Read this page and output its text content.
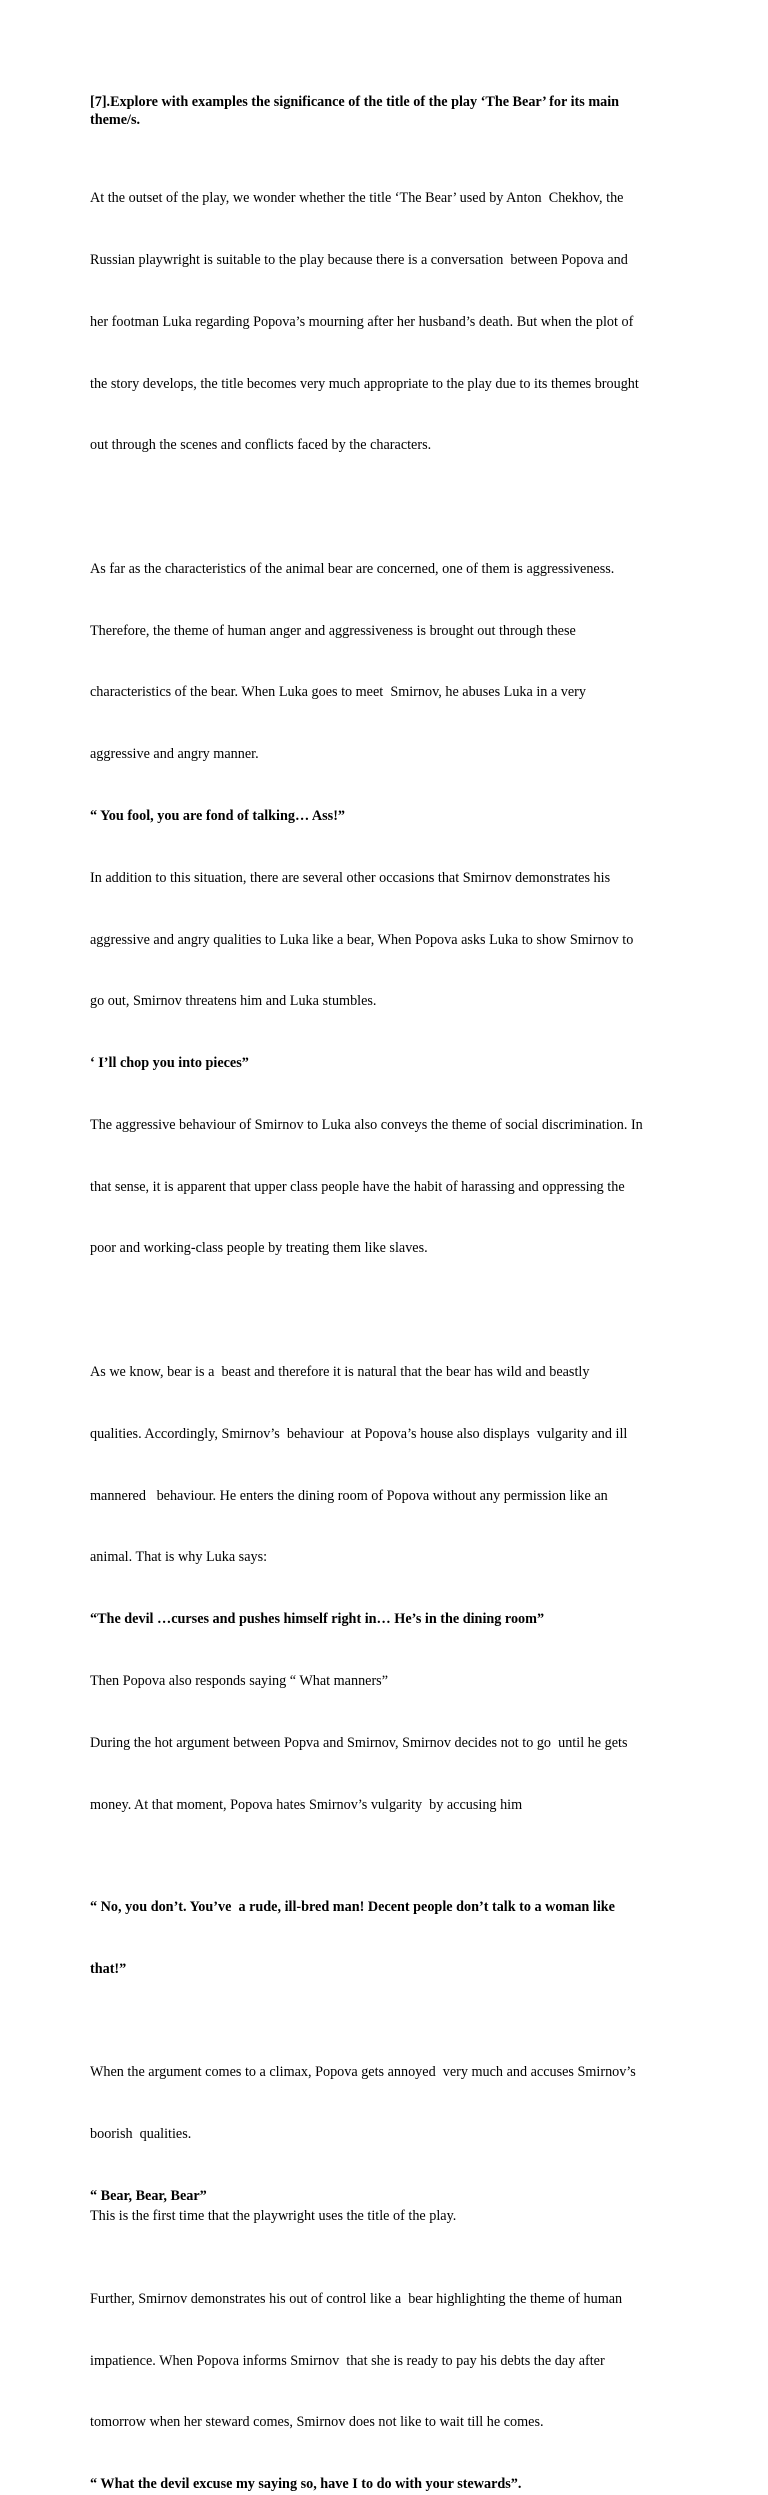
[7].Explore with examples the significance of the title of the play ‘The Bear’ for its main
theme/s.

At the outset of the play, we wonder whether the title ‘The Bear’ used by Anton  Chekhov, the

Russian playwright is suitable to the play because there is a conversation  between Popova and

her footman Luka regarding Popova’s mourning after her husband’s death. But when the plot of

the story develops, the title becomes very much appropriate to the play due to its themes brought

out through the scenes and conflicts faced by the characters.

As far as the characteristics of the animal bear are concerned, one of them is aggressiveness.

Therefore, the theme of human anger and aggressiveness is brought out through these

characteristics of the bear. When Luka goes to meet  Smirnov, he abuses Luka in a very

aggressive and angry manner.

“ You fool, you are fond of talking… Ass!”

In addition to this situation, there are several other occasions that Smirnov demonstrates his

aggressive and angry qualities to Luka like a bear, When Popova asks Luka to show Smirnov to

go out, Smirnov threatens him and Luka stumbles.

‘ I’ll chop you into pieces”

The aggressive behaviour of Smirnov to Luka also conveys the theme of social discrimination. In

that sense, it is apparent that upper class people have the habit of harassing and oppressing the

poor and working-class people by treating them like slaves.

As we know, bear is a  beast and therefore it is natural that the bear has wild and beastly

qualities. Accordingly, Smirnov’s  behaviour  at Popova’s house also displays  vulgarity and ill

mannered   behaviour. He enters the dining room of Popova without any permission like an

animal. That is why Luka says:

“The devil …curses and pushes himself right in… He’s in the dining room”

Then Popova also responds saying “ What manners”

During the hot argument between Popva and Smirnov, Smirnov decides not to go  until he gets

money. At that moment, Popova hates Smirnov’s vulgarity  by accusing him

“ No, you don’t. You’ve  a rude, ill-bred man! Decent people don’t talk to a woman like

that!”

When the argument comes to a climax, Popova gets annoyed  very much and accuses Smirnov’s

boorish  qualities.

“ Bear, Bear, Bear”

This is the first time that the playwright uses the title of the play.

Further, Smirnov demonstrates his out of control like a  bear highlighting the theme of human

impatience. When Popova informs Smirnov  that she is ready to pay his debts the day after

tomorrow when her steward comes, Smirnov does not like to wait till he comes.

“ What the devil excuse my saying so, have I to do with your stewards”.
